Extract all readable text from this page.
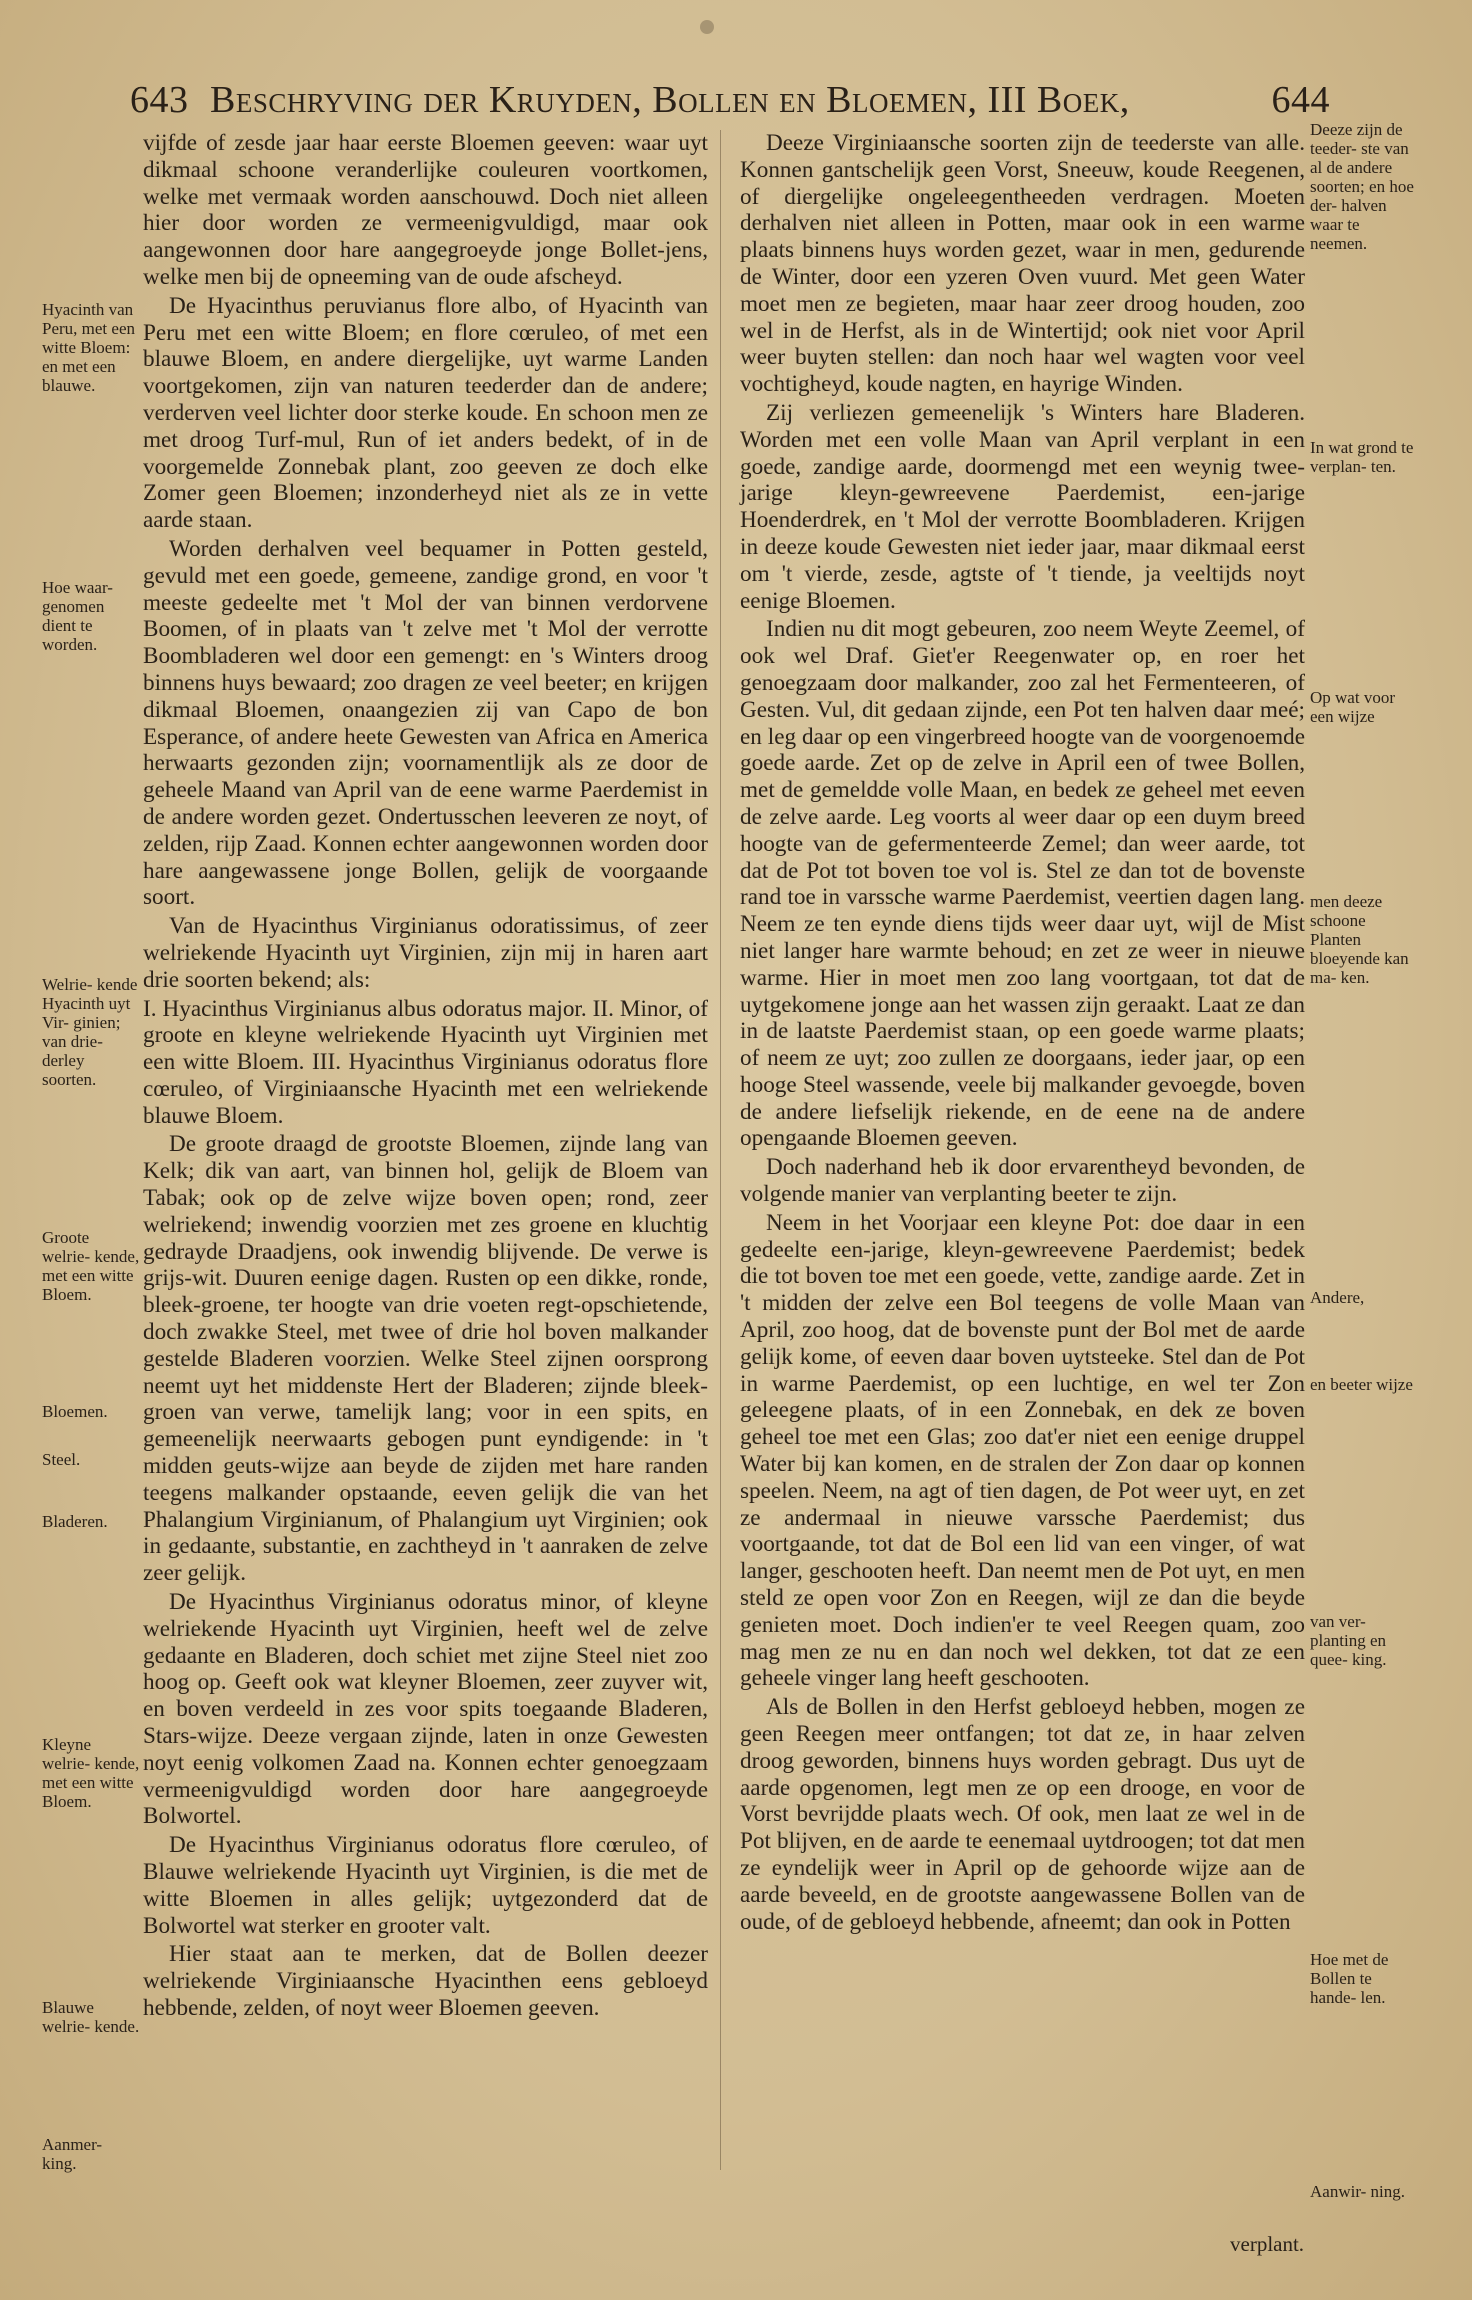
643 Beschryving der Kruyden, Bollen en Bloemen, III Boek,	644

vijfde of zesde jaar haar eerste Bloemen geeven: waar uyt dikmaal schoone veranderlijke couleuren voortkomen, welke met vermaak worden aanschouwd. Doch niet alleen hier door worden ze vermeenigvuldigd, maar ook aangewonnen door hare aangegroeyde jonge Bollet-jens, welke men bij de opneeming van de oude afscheyd.

De Hyacinthus peruvianus flore albo, of Hyacinth van Peru met een witte Bloem; en flore cœruleo, of met een blauwe Bloem, en andere diergelijke, uyt warme Landen voortgekomen, zijn van naturen teederder dan de andere; verderven veel lichter door sterke koude. En schoon men ze met droog Turf-mul, Run of iet anders bedekt, of in de voorgemelde Zonnebak plant, zoo geeven ze doch elke Zomer geen Bloemen; inzonderheyd niet als ze in vette aarde staan.

Worden derhalven veel bequamer in Potten gesteld, gevuld met een goede, gemeene, zandige grond, en voor 't meeste gedeelte met 't Mol der van binnen verdorvene Boomen, of in plaats van 't zelve met 't Mol der verrotte Boombladeren wel door een gemengt: en 's Winters droog binnens huys bewaard; zoo dragen ze veel beeter; en krijgen dikmaal Bloemen, onaangezien zij van Capo de bon Esperance, of andere heete Gewesten van Africa en America herwaarts gezonden zijn; voornamentlijk als ze door de geheele Maand van April van de eene warme Paerdemist in de andere worden gezet. Ondertusschen leeveren ze noyt, of zelden, rijp Zaad. Konnen echter aangewonnen worden door hare aangewassene jonge Bollen, gelijk de voorgaande soort.

Van de Hyacinthus Virginianus odoratissimus, of zeer welriekende Hyacinth uyt Virginien, zijn mij in haren aart drie soorten bekend; als:

I. Hyacinthus Virginianus albus odoratus major. II. Minor, of groote en kleyne welriekende Hyacinth uyt Virginien met een witte Bloem. III. Hyacinthus Virginianus odoratus flore cœruleo, of Virginiaansche Hyacinth met een welriekende blauwe Bloem.

De groote draagd de grootste Bloemen, zijnde lang van Kelk; dik van aart, van binnen hol, gelijk de Bloem van Tabak; ook op de zelve wijze boven open; rond, zeer welriekend; inwendig voorzien met zes groene en kluchtig gedrayde Draadjens, ook inwendig blijvende. De verwe is grijs-wit. Duuren eenige dagen. Rusten op een dikke, ronde, bleek-groene, ter hoogte van drie voeten regt-opschietende, doch zwakke Steel, met twee of drie hol boven malkander gestelde Bladeren voorzien. Welke Steel zijnen oorsprong neemt uyt het middenste Hert der Bladeren; zijnde bleek-groen van verwe, tamelijk lang; voor in een spits, en gemeenelijk neerwaarts gebogen punt eyndigende: in 't midden geuts-wijze aan beyde de zijden met hare randen teegens malkander opstaande, eeven gelijk die van het Phalangium Virginianum, of Phalangium uyt Virginien; ook in gedaante, substantie, en zachtheyd in 't aanraken de zelve zeer gelijk.

De Hyacinthus Virginianus odoratus minor, of kleyne welriekende Hyacinth uyt Virginien, heeft wel de zelve gedaante en Bladeren, doch schiet met zijne Steel niet zoo hoog op. Geeft ook wat kleyner Bloemen, zeer zuyver wit, en boven verdeeld in zes voor spits toegaande Bladeren, Stars-wijze. Deeze vergaan zijnde, laten in onze Gewesten noyt eenig volkomen Zaad na. Konnen echter genoegzaam vermeenigvuldigd worden door hare aangegroeyde Bolwortel.

De Hyacinthus Virginianus odoratus flore cœruleo, of Blauwe welriekende Hyacinth uyt Virginien, is die met de witte Bloemen in alles gelijk; uytgezonderd dat de Bolwortel wat sterker en grooter valt.

Hier staat aan te merken, dat de Bollen deezer welriekende Virginiaansche Hyacinthen eens gebloeyd hebbende, zelden, of noyt weer Bloemen geeven.

Deeze Virginiaansche soorten zijn de teederste van alle. Konnen gantschelijk geen Vorst, Sneeuw, koude Reegenen, of diergelijke ongeleegentheeden verdragen. Moeten derhalven niet alleen in Potten, maar ook in een warme plaats binnens huys worden gezet, waar in men, gedurende de Winter, door een yzeren Oven vuurd. Met geen Water moet men ze begieten, maar haar zeer droog houden, zoo wel in de Herfst, als in de Wintertijd; ook niet voor April weer buyten stellen: dan noch haar wel wagten voor veel vochtigheyd, koude nagten, en hayrige Winden.

Zij verliezen gemeenelijk 's Winters hare Bladeren. Worden met een volle Maan van April verplant in een goede, zandige aarde, doormengd met een weynig twee-jarige kleyn-gewreevene Paerdemist, een-jarige Hoenderdrek, en 't Mol der verrotte Boombladeren. Krijgen in deeze koude Gewesten niet ieder jaar, maar dikmaal eerst om 't vierde, zesde, agtste of 't tiende, ja veeltijds noyt eenige Bloemen.

Indien nu dit mogt gebeuren, zoo neem Weyte Zeemel, of ook wel Draf. Giet'er Reegenwater op, en roer het genoegzaam door malkander, zoo zal het Fermenteeren, of Gesten. Vul, dit gedaan zijnde, een Pot ten halven daar meé; en leg daar op een vingerbreed hoogte van de voorgenoemde goede aarde. Zet op de zelve in April een of twee Bollen, met de gemeldde volle Maan, en bedek ze geheel met eeven de zelve aarde. Leg voorts al weer daar op een duym breed hoogte van de gefermenteerde Zemel; dan weer aarde, tot dat de Pot tot boven toe vol is. Stel ze dan tot de bovenste rand toe in varssche warme Paerdemist, veertien dagen lang. Neem ze ten eynde diens tijds weer daar uyt, wijl de Mist niet langer hare warmte behoud; en zet ze weer in nieuwe warme. Hier in moet men zoo lang voortgaan, tot dat de uytgekomene jonge aan het wassen zijn geraakt. Laat ze dan in de laatste Paerdemist staan, op een goede warme plaats; of neem ze uyt; zoo zullen ze doorgaans, ieder jaar, op een hooge Steel wassende, veele bij malkander gevoegde, boven de andere liefselijk riekende, en de eene na de andere opengaande Bloemen geeven.

Doch naderhand heb ik door ervarentheyd bevonden, de volgende manier van verplanting beeter te zijn.

Neem in het Voorjaar een kleyne Pot: doe daar in een gedeelte een-jarige, kleyn-gewreevene Paerdemist; bedek die tot boven toe met een goede, vette, zandige aarde. Zet in 't midden der zelve een Bol teegens de volle Maan van April, zoo hoog, dat de bovenste punt der Bol met de aarde gelijk kome, of eeven daar boven uytsteeke. Stel dan de Pot in warme Paerdemist, op een luchtige, en wel ter Zon geleegene plaats, of in een Zonnebak, en dek ze boven geheel toe met een Glas; zoo dat'er niet een eenige druppel Water bij kan komen, en de stralen der Zon daar op konnen speelen. Neem, na agt of tien dagen, de Pot weer uyt, en zet ze andermaal in nieuwe varssche Paerdemist; dus voortgaande, tot dat de Bol een lid van een vinger, of wat langer, geschooten heeft. Dan neemt men de Pot uyt, en men steld ze open voor Zon en Reegen, wijl ze dan die beyde genieten moet. Doch indien'er te veel Reegen quam, zoo mag men ze nu en dan noch wel dekken, tot dat ze een geheele vinger lang heeft geschooten.

Als de Bollen in den Herfst gebloeyd hebben, mogen ze geen Reegen meer ontfangen; tot dat ze, in haar zelven droog geworden, binnens huys worden gebragt. Dus uyt de aarde opgenomen, legt men ze op een drooge, en voor de Vorst bevrijdde plaats wech. Of ook, men laat ze wel in de Pot blijven, en de aarde te eenemaal uytdroogen; tot dat men ze eyndelijk weer in April op de gehoorde wijze aan de aarde beveeld, en de grootste aangewassene Bollen van de oude, of de gebloeyd hebbende, afneemt; dan ook in Potten

verplant.
Hyacinth van Peru, met een witte Bloem: en met een blauwe.
Hoe waar- genomen dient te worden.
Welrie- kende Hyacinth uyt Vir- ginien; van drie- derley soorten.
Groote welrie- kende, met een witte Bloem.
Bloemen.
Steel.
Bladeren.
Kleyne welrie- kende, met een witte Bloem.
Blauwe welrie- kende.
Aanmer- king.
Deeze zijn de teeder- ste van al de andere soorten; en hoe der- halven waar te neemen.
In wat grond te verplan- ten.
Op wat voor een wijze
men deeze schoone Planten bloeyende kan ma- ken.
Andere,
en beeter wijze
van ver- planting en quee- king.
Hoe met de Bollen te hande- len.
Aanwir- ning.
